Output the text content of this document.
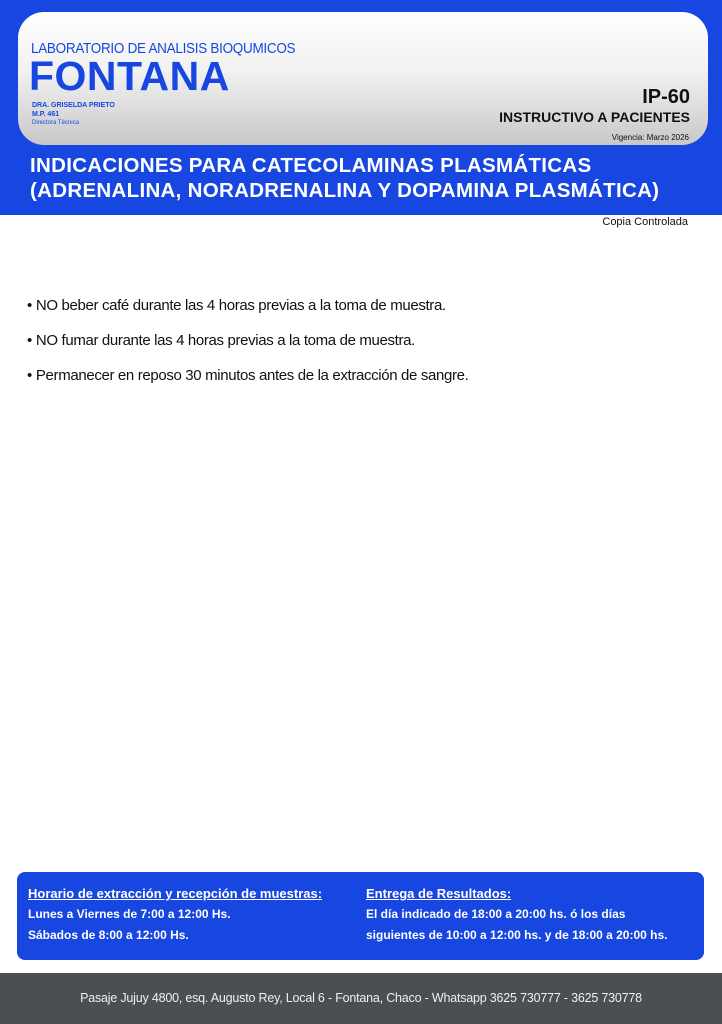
LABORATORIO DE ANALISIS BIOQUMICOS
FONTANA
DRA. GRISELDA PRIETO
M.P. 461
Directora Técnica
IP-60
INSTRUCTIVO A PACIENTES
Vigencia: Marzo 2026
INDICACIONES PARA CATECOLAMINAS PLASMÁTICAS
(ADRENALINA, NORADRENALINA Y DOPAMINA PLASMÁTICA)
Copia Controlada
• NO beber café durante las 4 horas previas a la toma de muestra.
• NO fumar durante las 4 horas previas a la toma de muestra.
• Permanecer en reposo 30 minutos antes de la extracción de sangre.
Horario de extracción y recepción de muestras:
Lunes a Viernes de 7:00 a 12:00 Hs.
Sábados de 8:00 a 12:00 Hs.
Entrega de Resultados:
El día indicado de 18:00 a 20:00 hs. ó los días
siguientes de 10:00 a 12:00 hs. y de 18:00 a 20:00 hs.
Pasaje Jujuy 4800, esq. Augusto Rey, Local 6 - Fontana, Chaco - Whatsapp 3625 730777 - 3625 730778
